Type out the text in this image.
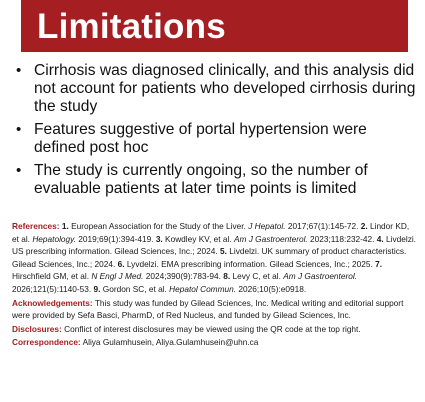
Limitations
• Cirrhosis was diagnosed clinically, and this analysis did not account for patients who developed cirrhosis during the study
• Features suggestive of portal hypertension were defined post hoc
• The study is currently ongoing, so the number of evaluable patients at later time points is limited
References: 1. European Association for the Study of the Liver. J Hepatol. 2017;67(1):145-72. 2. Lindor KD, et al. Hepatology. 2019;69(1):394-419. 3. Kowdley KV, et al. Am J Gastroenterol. 2023;118:232-42. 4. Livdelzi. US prescribing information. Gilead Sciences, Inc.; 2024. 5. Livdelzi. UK summary of product characteristics. Gilead Sciences, Inc.; 2024. 6. Lyvdelzi. EMA prescribing information. Gilead Sciences, Inc.; 2025. 7. Hirschfield GM, et al. N Engl J Med. 2024;390(9):783-94. 8. Levy C, et al. Am J Gastroenterol. 2026;121(5):1140-53. 9. Gordon SC, et al. Hepatol Commun. 2026;10(5):e0918.
Acknowledgements: This study was funded by Gilead Sciences, Inc. Medical writing and editorial support were provided by Sefa Basci, PharmD, of Red Nucleus, and funded by Gilead Sciences, Inc.
Disclosures: Conflict of interest disclosures may be viewed using the QR code at the top right.
Correspondence: Aliya Gulamhusein, Aliya.Gulamhusein@uhn.ca
